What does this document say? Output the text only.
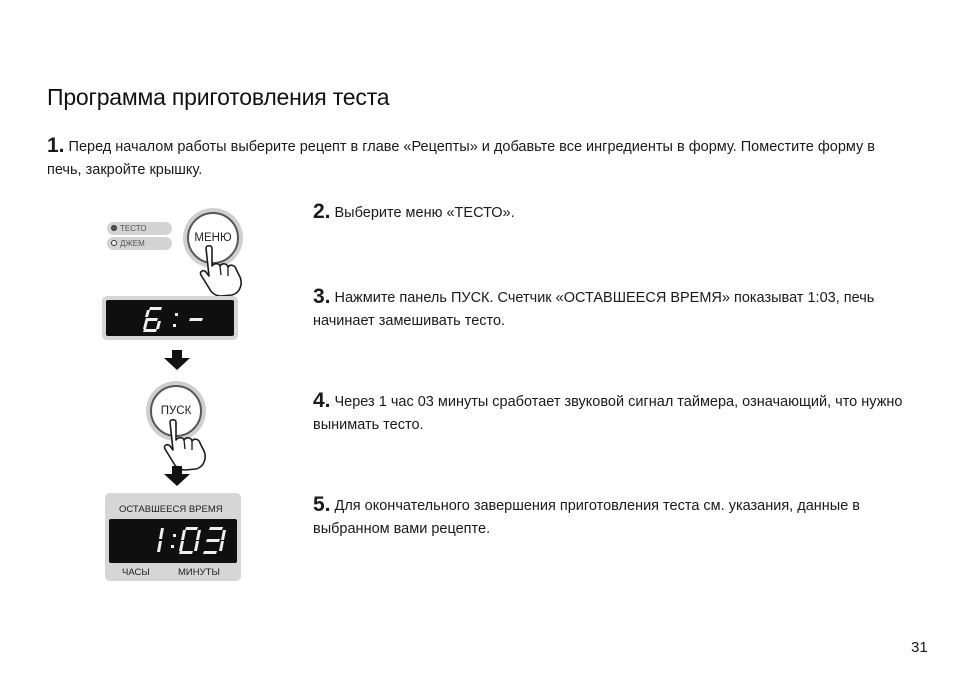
Программа приготовления теста
1. Перед началом работы выберите рецепт в главе «Рецепты» и добавьте все ингредиенты в форму. Поместите форму в печь, закройте крышку.
2. Выберите меню «ТЕСТО».
3. Нажмите панель ПУСК. Счетчик «ОСТАВШЕЕСЯ ВРЕМЯ» показыват 1:03, печь начинает замешивать тесто.
4. Через 1 час 03 минуты сработает звуковой сигнал таймера, означающий, что нужно вынимать тесто.
5. Для окончательного завершения приготовления теста см. указания, данные в выбранном вами рецепте.
ТЕСТО
ДЖЕМ	МЕНЮ
ПУСК
ОСТАВШЕЕСЯ ВРЕМЯ
ЧАСЫ	МИНУТЫ
31
